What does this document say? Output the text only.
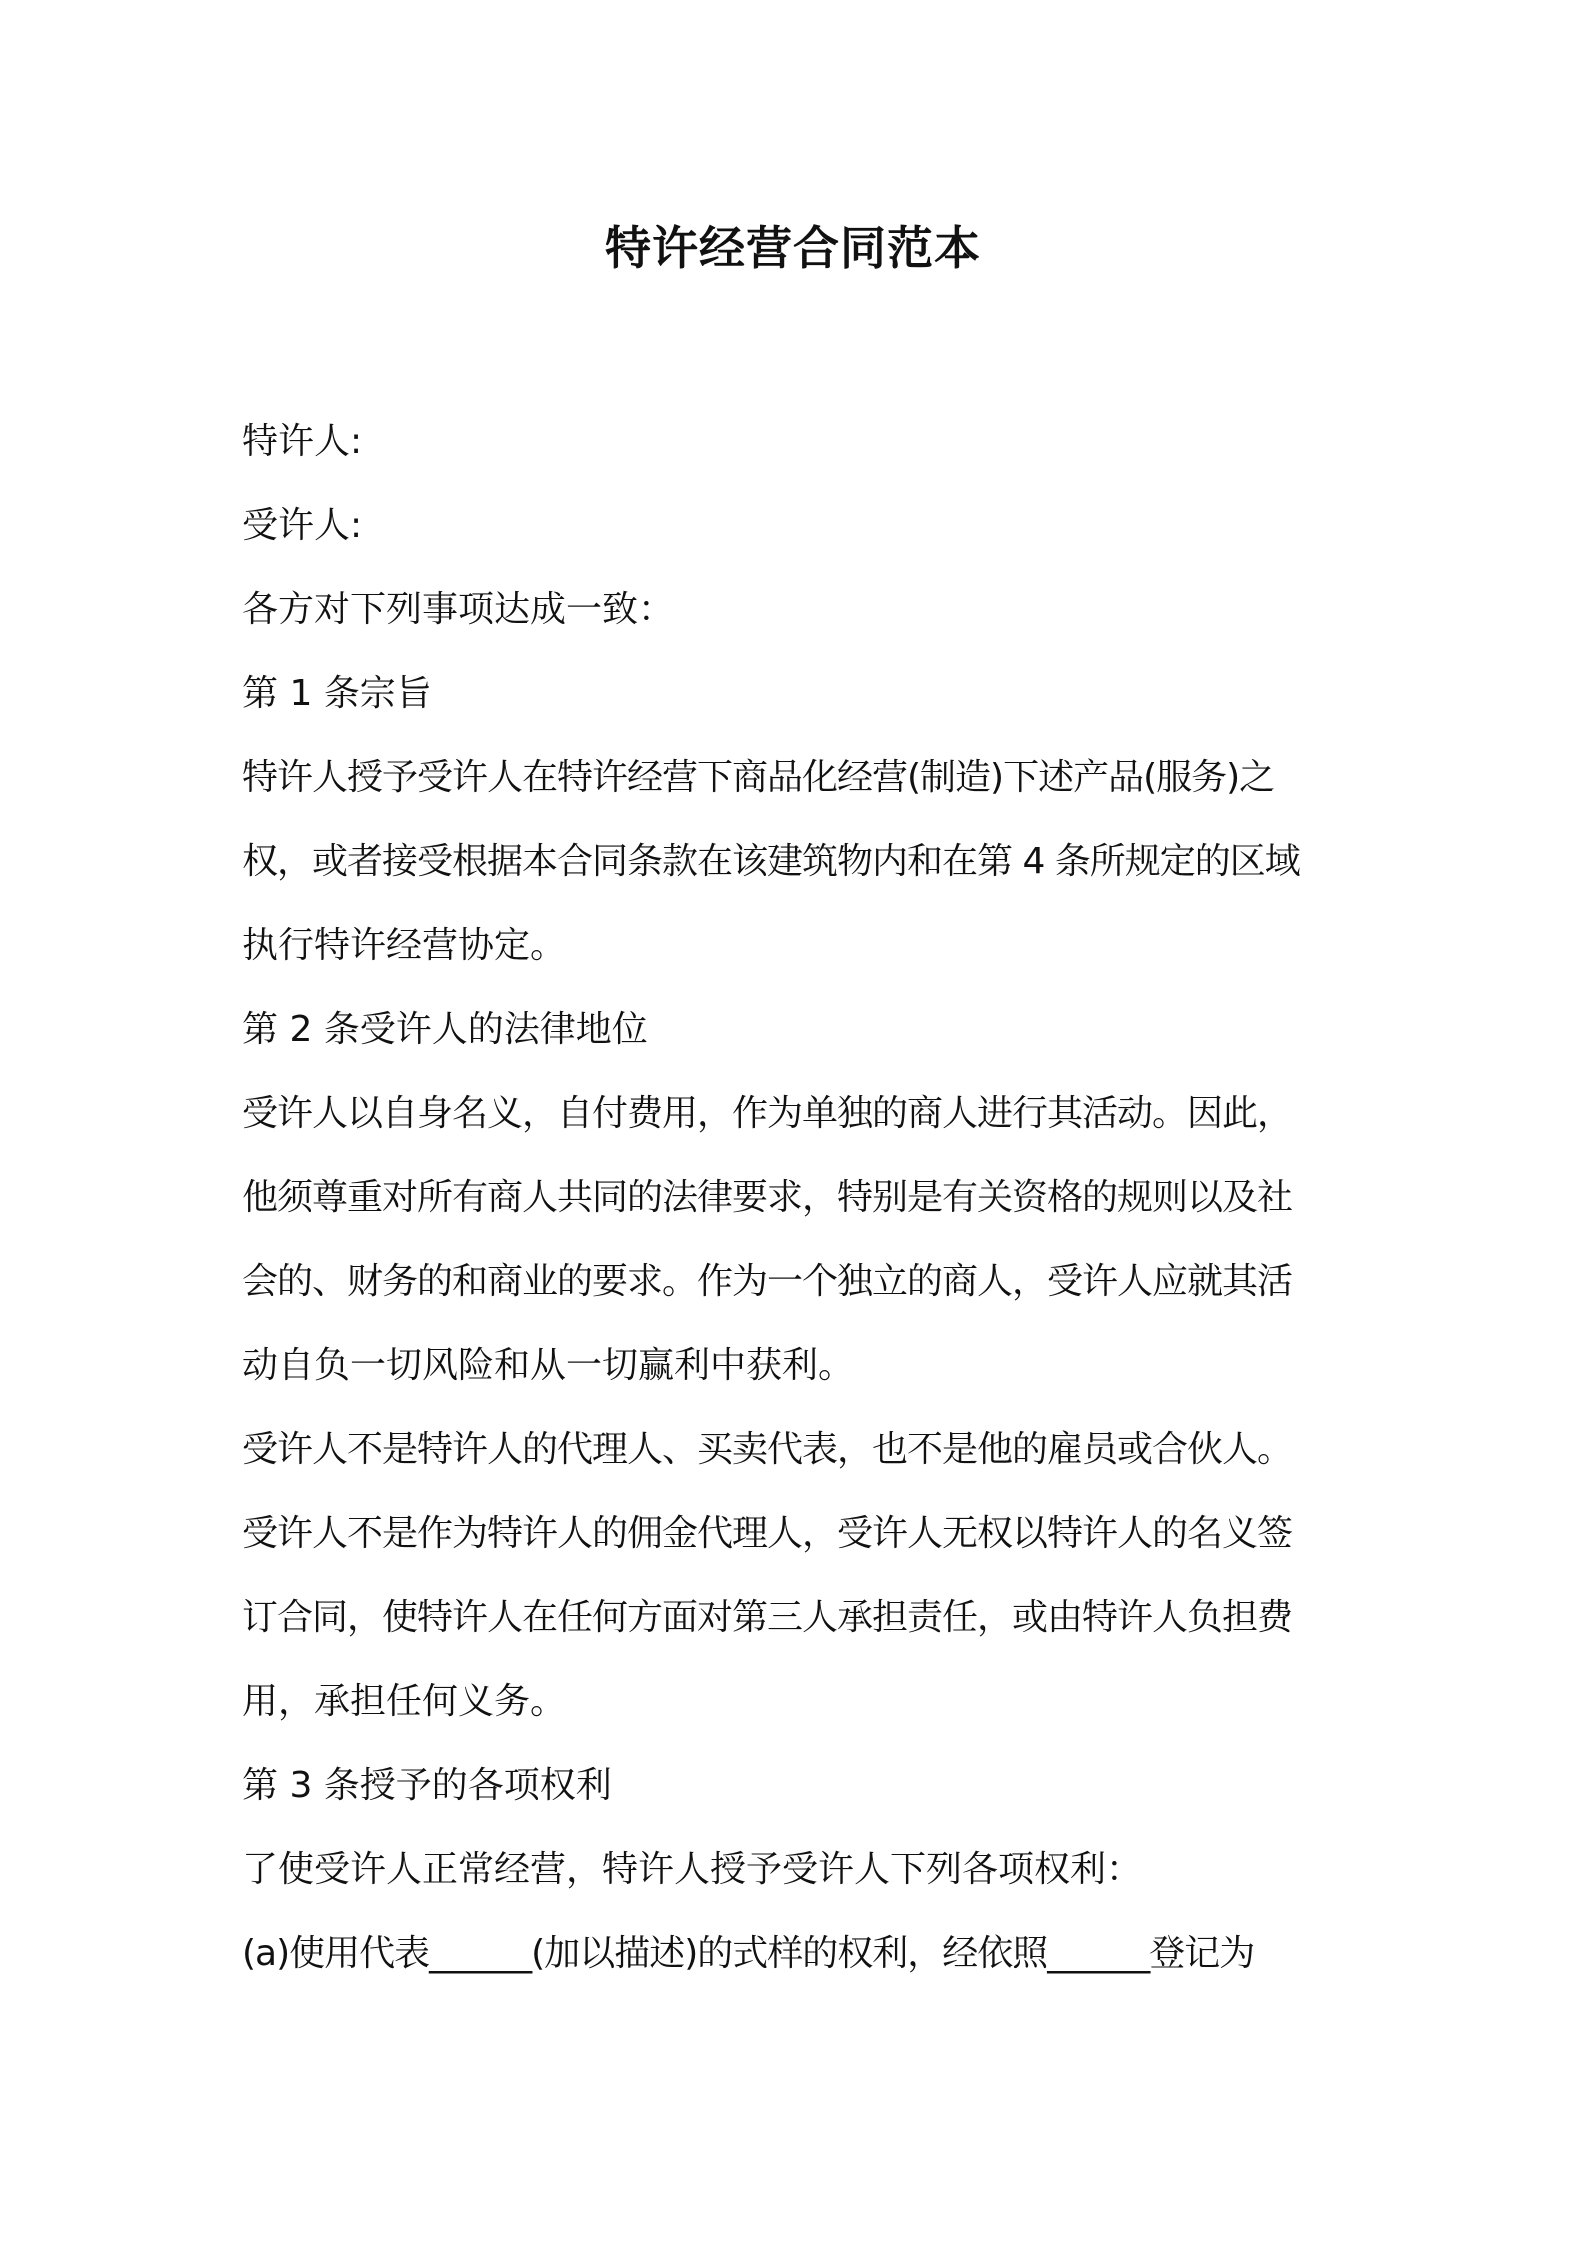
特许经营合同范本

特许人:

受许人:

各方对下列事项达成一致：

第 1 条宗旨

特许人授予受许人在特许经营下商品化经营(制造)下述产品(服务)之

权，或者接受根据本合同条款在该建筑物内和在第 4 条所规定的区域

执行特许经营协定。

第 2 条受许人的法律地位

受许人以自身名义，自付费用，作为单独的商人进行其活动。因此，

他须尊重对所有商人共同的法律要求，特别是有关资格的规则以及社

会的、财务的和商业的要求。作为一个独立的商人，受许人应就其活

动自负一切风险和从一切赢利中获利。

受许人不是特许人的代理人、买卖代表，也不是他的雇员或合伙人。

受许人不是作为特许人的佣金代理人，受许人无权以特许人的名义签

订合同，使特许人在任何方面对第三人承担责任，或由特许人负担费

用，承担任何义务。

第 3 条授予的各项权利

了使受许人正常经营，特许人授予受许人下列各项权利：

(a)使用代表______(加以描述)的式样的权利，经依照______登记为
